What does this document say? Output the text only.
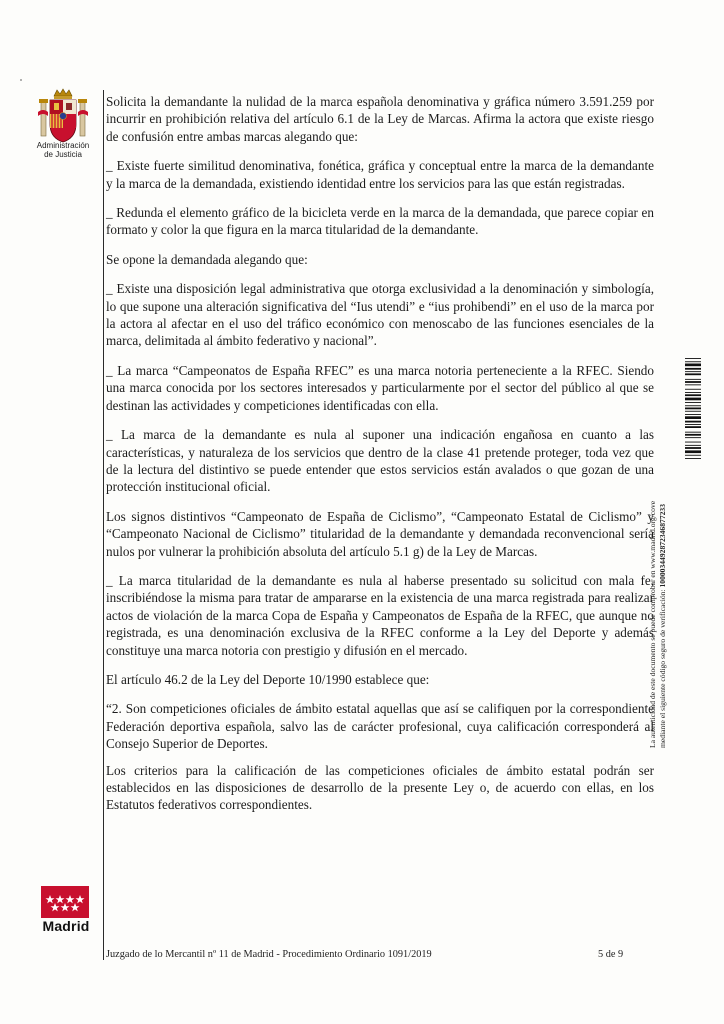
Administración
de Justicia

Solicita la demandante la nulidad de la marca española denominativa y gráfica número 3.591.259 por incurrir en prohibición relativa del artículo 6.1 de la Ley de Marcas. Afirma la actora que existe riesgo de confusión entre ambas marcas alegando que:

_ Existe fuerte similitud denominativa, fonética, gráfica y conceptual entre la marca de la demandante y la marca de la demandada, existiendo identidad entre los servicios para las que están registradas.

_ Redunda el elemento gráfico de la bicicleta verde en la marca de la demandada, que parece copiar en formato y color la que figura en la marca titularidad de la demandante.

Se opone la demandada alegando que:

_ Existe una disposición legal administrativa que otorga exclusividad a la denominación y simbología, lo que supone una alteración significativa del “Ius utendi” e “ius prohibendi” en el uso de la marca por la actora al afectar en el uso del tráfico económico con menoscabo de las funciones esenciales de la marca, delimitada al ámbito federativo y nacional”.

_ La marca “Campeonatos de España RFEC” es una marca notoria perteneciente a la RFEC. Siendo una marca conocida por los sectores interesados y particularmente por el sector del público al que se destinan las actividades y competiciones identificadas con ella.

_ La marca de la demandante es nula al suponer una indicación engañosa en cuanto a las características, y naturaleza de los servicios que dentro de la clase 41 pretende proteger, toda vez que de la lectura del distintivo se puede entender que estos servicios están avalados o que gozan de una protección institucional oficial.

Los signos distintivos “Campeonato de España de Ciclismo”, “Campeonato Estatal de Ciclismo” y “Campeonato Nacional de Ciclismo” titularidad de la demandante y demandada reconvencional sería nulos por vulnerar la prohibición absoluta del artículo 5.1 g) de la Ley de Marcas.

_ La marca titularidad de la demandante es nula al haberse presentado su solicitud con mala fe, inscribiéndose la misma para tratar de ampararse en la existencia de una marca registrada para realizar actos de violación de la marca Copa de España y Campeonatos de España de la RFEC, que aunque no registrada, es una denominación exclusiva de la RFEC conforme a la Ley del Deporte y además constituye una marca notoria con prestigio y difusión en el mercado.

El artículo 46.2 de la Ley del Deporte 10/1990 establece que:

“2. Son competiciones oficiales de ámbito estatal aquellas que así se califiquen por la correspondiente Federación deportiva española, salvo las de carácter profesional, cuya calificación corresponderá al Consejo Superior de Deportes.

Los criterios para la calificación de las competiciones oficiales de ámbito estatal podrán ser establecidos en las disposiciones de desarrollo de la presente Ley o, de acuerdo con ellas, en los Estatutos federativos correspondientes.

Madrid
Juzgado de lo Mercantil nº 11 de Madrid - Procedimiento Ordinario 1091/2019	5 de 9
La autenticidad de este documento se puede comprobar en www.madrid.org/cove mediante el siguiente código seguro de verificación: 1000034492872346877233
